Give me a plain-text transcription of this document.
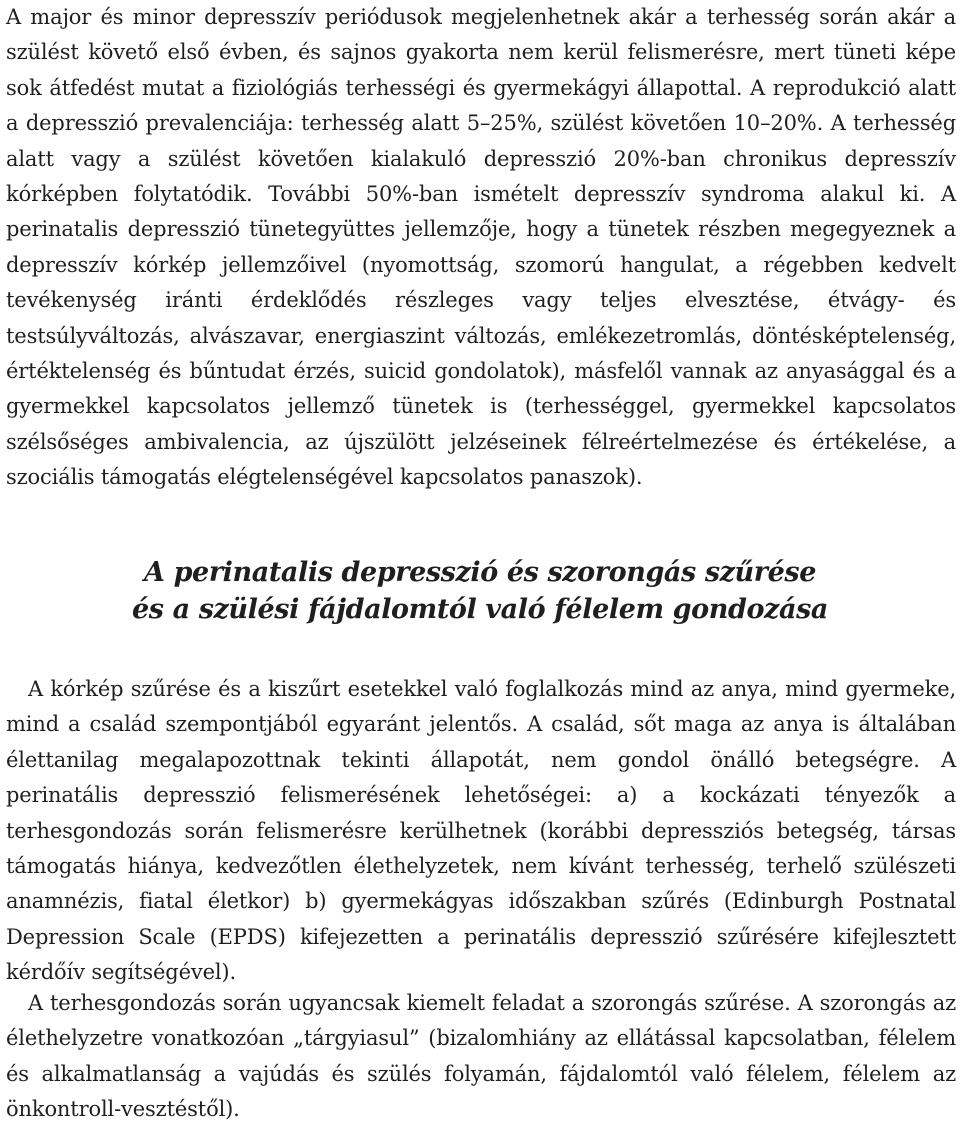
A major és minor depresszív periódusok megjelenhetnek akár a terhesség során akár a szülést követő első évben, és sajnos gyakorta nem kerül felismerésre, mert tüneti képe sok átfedést mutat a fiziológiás terhességi és gyermekágyi állapottal. A reprodukció alatt a depresszió prevalenciája: terhesség alatt 5–25%, szülést követően 10–20%. A terhesség alatt vagy a szülést követően kialakuló depresszió 20%-ban chronikus depresszív kórképben folytatódik. További 50%-ban ismételt depresszív syndroma alakul ki. A perinatalis depresszió tünetegyüttes jellemzője, hogy a tünetek részben megegyeznek a depresszív kórkép jellemzőivel (nyomottság, szomorú hangulat, a régebben kedvelt tevékenység iránti érdeklődés részleges vagy teljes elvesztése, étvágy- és testsúlyváltozás, alvászavar, energiaszint változás, emlékezetromlás, döntésképtelenség, értéktelenség és bűntudat érzés, suicid gondolatok), másfelől vannak az anyasággal és a gyermekkel kapcsolatos jellemző tünetek is (terhességgel, gyermekkel kapcsolatos szélsőséges ambivalencia, az újszülött jelzéseinek félreértelmezése és értékelése, a szociális támogatás elégtelenségével kapcsolatos panaszok).

A perinatalis depresszió és szorongás szűrése
és a szülési fájdalomtól való félelem gondozása

A kórkép szűrése és a kiszűrt esetekkel való foglalkozás mind az anya, mind gyermeke, mind a család szempontjából egyaránt jelentős. A család, sőt maga az anya is általában élettanilag megalapozottnak tekinti állapotát, nem gondol önálló betegségre. A perinatális depresszió felismerésének lehetőségei: a) a kockázati tényezők a terhesgondozás során felismerésre kerülhetnek (korábbi depressziós betegség, társas támogatás hiánya, kedvezőtlen élethelyzetek, nem kívánt terhesség, terhelő szülészeti anamnézis, fiatal életkor) b) gyermekágyas időszakban szűrés (Edinburgh Postnatal Depression Scale (EPDS) kifejezetten a perinatális depresszió szűrésére kifejlesztett kérdőív segítségével).

A terhesgondozás során ugyancsak kiemelt feladat a szorongás szűrése. A szorongás az élethelyzetre vonatkozóan „tárgyiasul” (bizalomhiány az ellátással kapcsolatban, félelem és alkalmatlanság a vajúdás és szülés folyamán, fájdalomtól való félelem, félelem az önkontroll-vesztéstől).
